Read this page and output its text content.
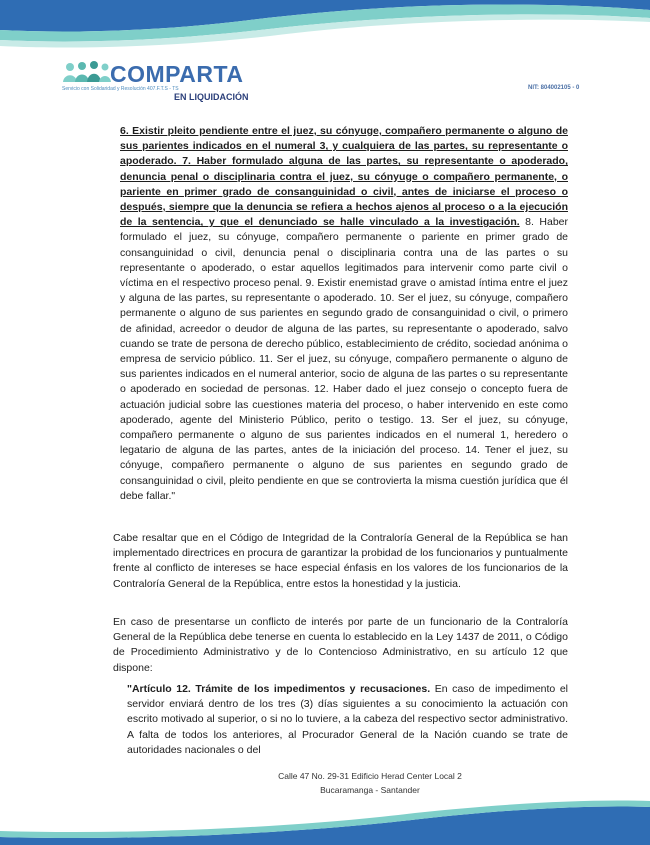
COMPARTA
Servicio con Solidaridad y Resolución 407.F.T.S - TS
EN LIQUIDACIÓN
NIT: 804002105 - 0

6. Existir pleito pendiente entre el juez, su cónyuge, compañero permanente o alguno de sus parientes indicados en el numeral 3, y cualquiera de las partes, su representante o apoderado. 7. Haber formulado alguna de las partes, su representante o apoderado, denuncia penal o disciplinaria contra el juez, su cónyuge o compañero permanente, o pariente en primer grado de consanguinidad o civil, antes de iniciarse el proceso o después, siempre que la denuncia se refiera a hechos ajenos al proceso o a la ejecución de la sentencia, y que el denunciado se halle vinculado a la investigación. 8. Haber formulado el juez, su cónyuge, compañero permanente o pariente en primer grado de consanguinidad o civil, denuncia penal o disciplinaria contra una de las partes o su representante o apoderado, o estar aquellos legitimados para intervenir como parte civil o víctima en el respectivo proceso penal. 9. Existir enemistad grave o amistad íntima entre el juez y alguna de las partes, su representante o apoderado. 10. Ser el juez, su cónyuge, compañero permanente o alguno de sus parientes en segundo grado de consanguinidad o civil, o primero de afinidad, acreedor o deudor de alguna de las partes, su representante o apoderado, salvo cuando se trate de persona de derecho público, establecimiento de crédito, sociedad anónima o empresa de servicio público. 11. Ser el juez, su cónyuge, compañero permanente o alguno de sus parientes indicados en el numeral anterior, socio de alguna de las partes o su representante o apoderado en sociedad de personas. 12. Haber dado el juez consejo o concepto fuera de actuación judicial sobre las cuestiones materia del proceso, o haber intervenido en este como apoderado, agente del Ministerio Público, perito o testigo. 13. Ser el juez, su cónyuge, compañero permanente o alguno de sus parientes indicados en el numeral 1, heredero o legatario de alguna de las partes, antes de la iniciación del proceso. 14. Tener el juez, su cónyuge, compañero permanente o alguno de sus parientes en segundo grado de consanguinidad o civil, pleito pendiente en que se controvierta la misma cuestión jurídica que él debe fallar."

Cabe resaltar que en el Código de Integridad de la Contraloría General de la República se han implementado directrices en procura de garantizar la probidad de los funcionarios y puntualmente frente al conflicto de intereses se hace especial énfasis en los valores de los funcionarios de la Contraloría General de la República, entre estos la honestidad y la justicia.

En caso de presentarse un conflicto de interés por parte de un funcionario de la Contraloría General de la República debe tenerse en cuenta lo establecido en la Ley 1437 de 2011, o Código de Procedimiento Administrativo y de lo Contencioso Administrativo, en su artículo 12 que dispone:

"Artículo 12. Trámite de los impedimentos y recusaciones. En caso de impedimento el servidor enviará dentro de los tres (3) días siguientes a su conocimiento la actuación con escrito motivado al superior, o si no lo tuviere, a la cabeza del respectivo sector administrativo. A falta de todos los anteriores, al Procurador General de la Nación cuando se trate de autoridades nacionales o del

Calle 47 No. 29-31 Edificio Herad Center Local 2
Bucaramanga - Santander
